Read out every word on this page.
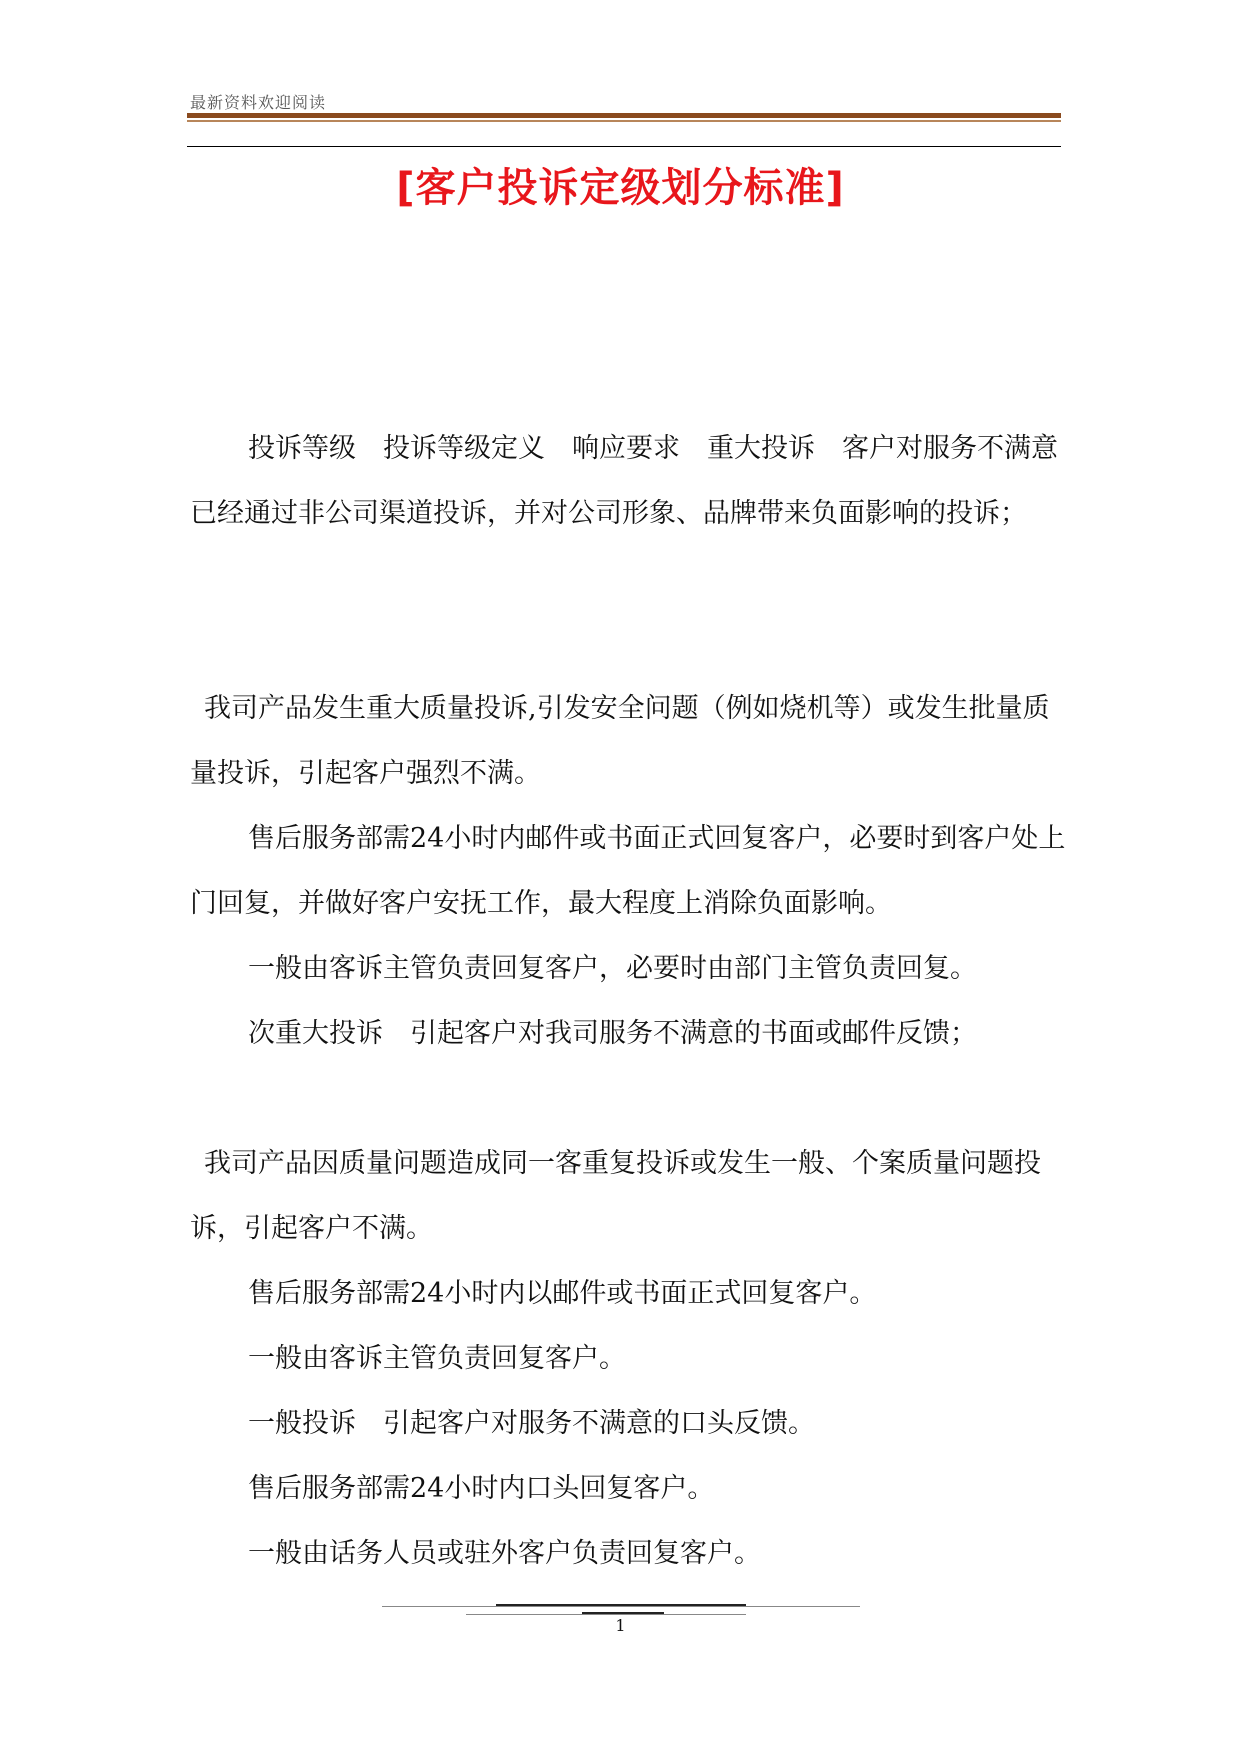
最新资料欢迎阅读
[客户投诉定级划分标准]

投诉等级　投诉等级定义　响应要求　重大投诉　客户对服务不满意已经通过非公司渠道投诉，并对公司形象、品牌带来负面影响的投诉；

我司产品发生重大质量投诉,引发安全问题（例如烧机等）或发生批量质量投诉，引起客户强烈不满。

售后服务部需24小时内邮件或书面正式回复客户，必要时到客户处上门回复，并做好客户安抚工作，最大程度上消除负面影响。

一般由客诉主管负责回复客户，必要时由部门主管负责回复。

次重大投诉　引起客户对我司服务不满意的书面或邮件反馈；

我司产品因质量问题造成同一客重复投诉或发生一般、个案质量问题投诉，引起客户不满。

售后服务部需24小时内以邮件或书面正式回复客户。

一般由客诉主管负责回复客户。

一般投诉　引起客户对服务不满意的口头反馈。

售后服务部需24小时内口头回复客户。

一般由话务人员或驻外客户负责回复客户。

1
